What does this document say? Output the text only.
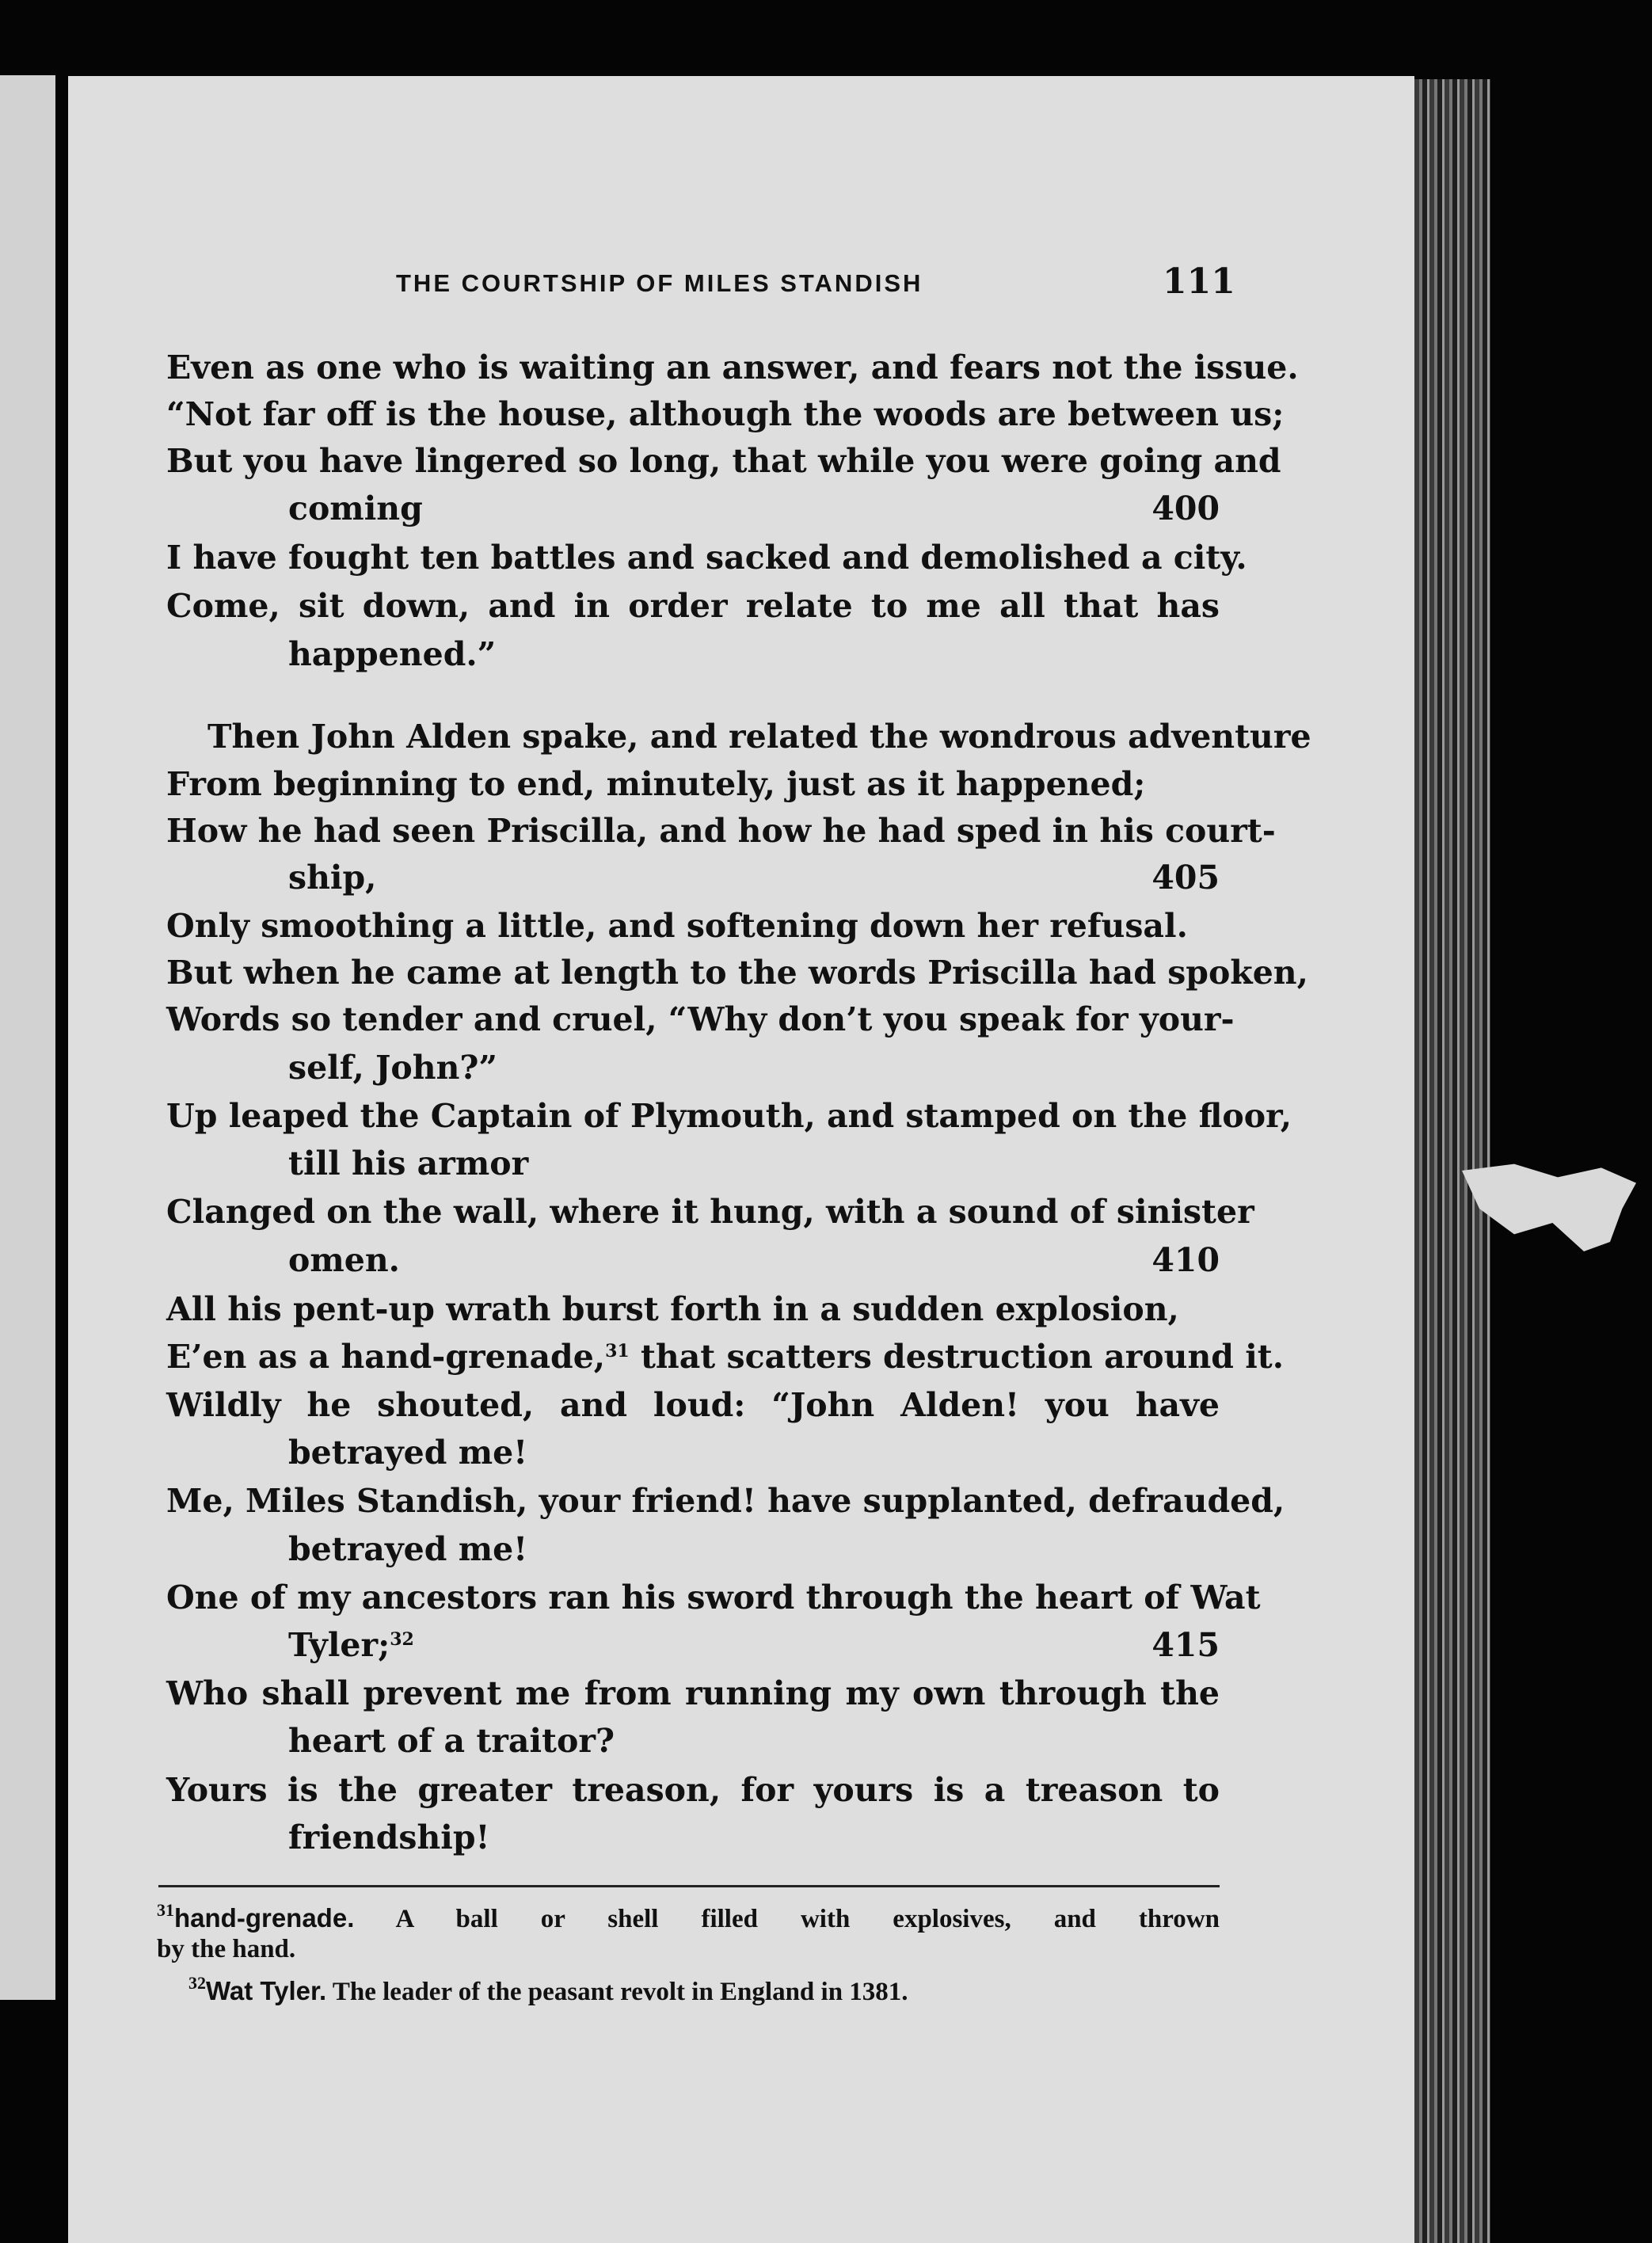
THE COURTSHIP OF MILES STANDISH	111
Even as one who is waiting an answer, and fears not the issue.
“Not far off is the house, although the woods are between us;
But you have lingered so long, that while you were going and
coming	400
I have fought ten battles and sacked and demolished a city.
Come, sit down, and in order relate to me all that has
happened.”
Then John Alden spake, and related the wondrous adventure
From beginning to end, minutely, just as it happened;
How he had seen Priscilla, and how he had sped in his court-
ship,	405
Only smoothing a little, and softening down her refusal.
But when he came at length to the words Priscilla had spoken,
Words so tender and cruel, “Why don’t you speak for your-
self, John?”
Up leaped the Captain of Plymouth, and stamped on the floor,
till his armor
Clanged on the wall, where it hung, with a sound of sinister
omen.	410
All his pent-up wrath burst forth in a sudden explosion,
E’en as a hand-grenade,$^{31}$ that scatters destruction around it.
Wildly he shouted, and loud: “John Alden! you have
betrayed me!
Me, Miles Standish, your friend! have supplanted, defrauded,
betrayed me!
One of my ancestors ran his sword through the heart of Wat
Tyler;$^{32}$	415
Who shall prevent me from running my own through the
heart of a traitor?
Yours is the greater treason, for yours is a treason to
friendship!
$^{31}$hand-grenade. A ball or shell filled with explosives, and thrown
by the hand.
$^{32}$Wat Tyler. The leader of the peasant revolt in England in 1381.
